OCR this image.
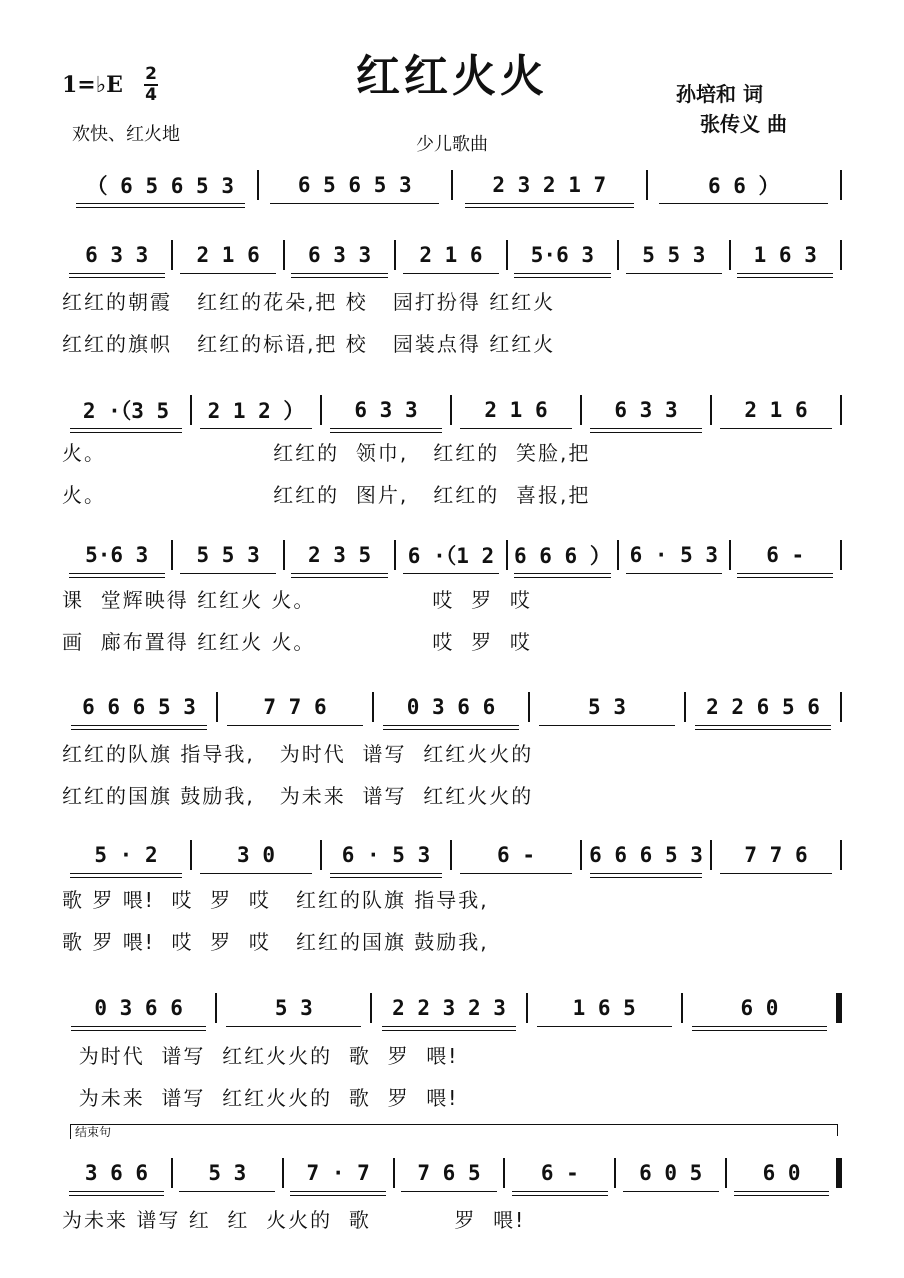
红红火火
1=♭E 2
4
欢快、红火地	少儿歌曲
孙培和 词
张传义 曲
结束句
（ 6 5 6 5 3	6 5 6 5 3	2 3 2 1 7	6 6 ）
6 3 3 2 1 6 6 3 3 2 1 6 5·6 3 5 5 3 1 6 3
红红的朝霞   红红的花朵,把 校   园打扮得 红红火
红红的旗帜   红红的标语,把 校   园装点得 红红火
2 ·（3 5 2 1 2 ） 6 3 3	2 1 6	6 3 3	2 1 6
火。                    红红的  领巾,   红红的  笑脸,把
火。                    红红的  图片,   红红的  喜报,把
5·6 3 5 5 3 2 3 5 6 ·（1 2 6 6 6 ） 6 · 5 3 6 -
课  堂辉映得 红红火 火。              哎  罗  哎
画  廊布置得 红红火 火。              哎  罗  哎
6 6 6 5 3	7 7 6	0 3 6 6	5 3	2 2 6 5 6
红红的队旗 指导我,   为时代  谱写  红红火火的
红红的国旗 鼓励我,   为未来  谱写  红红火火的
5 · 2	3 0	6 · 5 3	6 -	6 6 6 5 3 7 7 6
歌 罗 喂!  哎  罗  哎   红红的队旗 指导我,
歌 罗 喂!  哎  罗  哎   红红的国旗 鼓励我,
0 3 6 6	5 3	2 2 3 2 3	1 6 5	6 0
为时代  谱写  红红火火的  歌  罗  喂!
为未来  谱写  红红火火的  歌  罗  喂!
3 6 6	5 3	7 · 7 7 6 5	6 -	6 0 5	6 0
为未来 谱写 红  红  火火的  歌          罗  喂!
